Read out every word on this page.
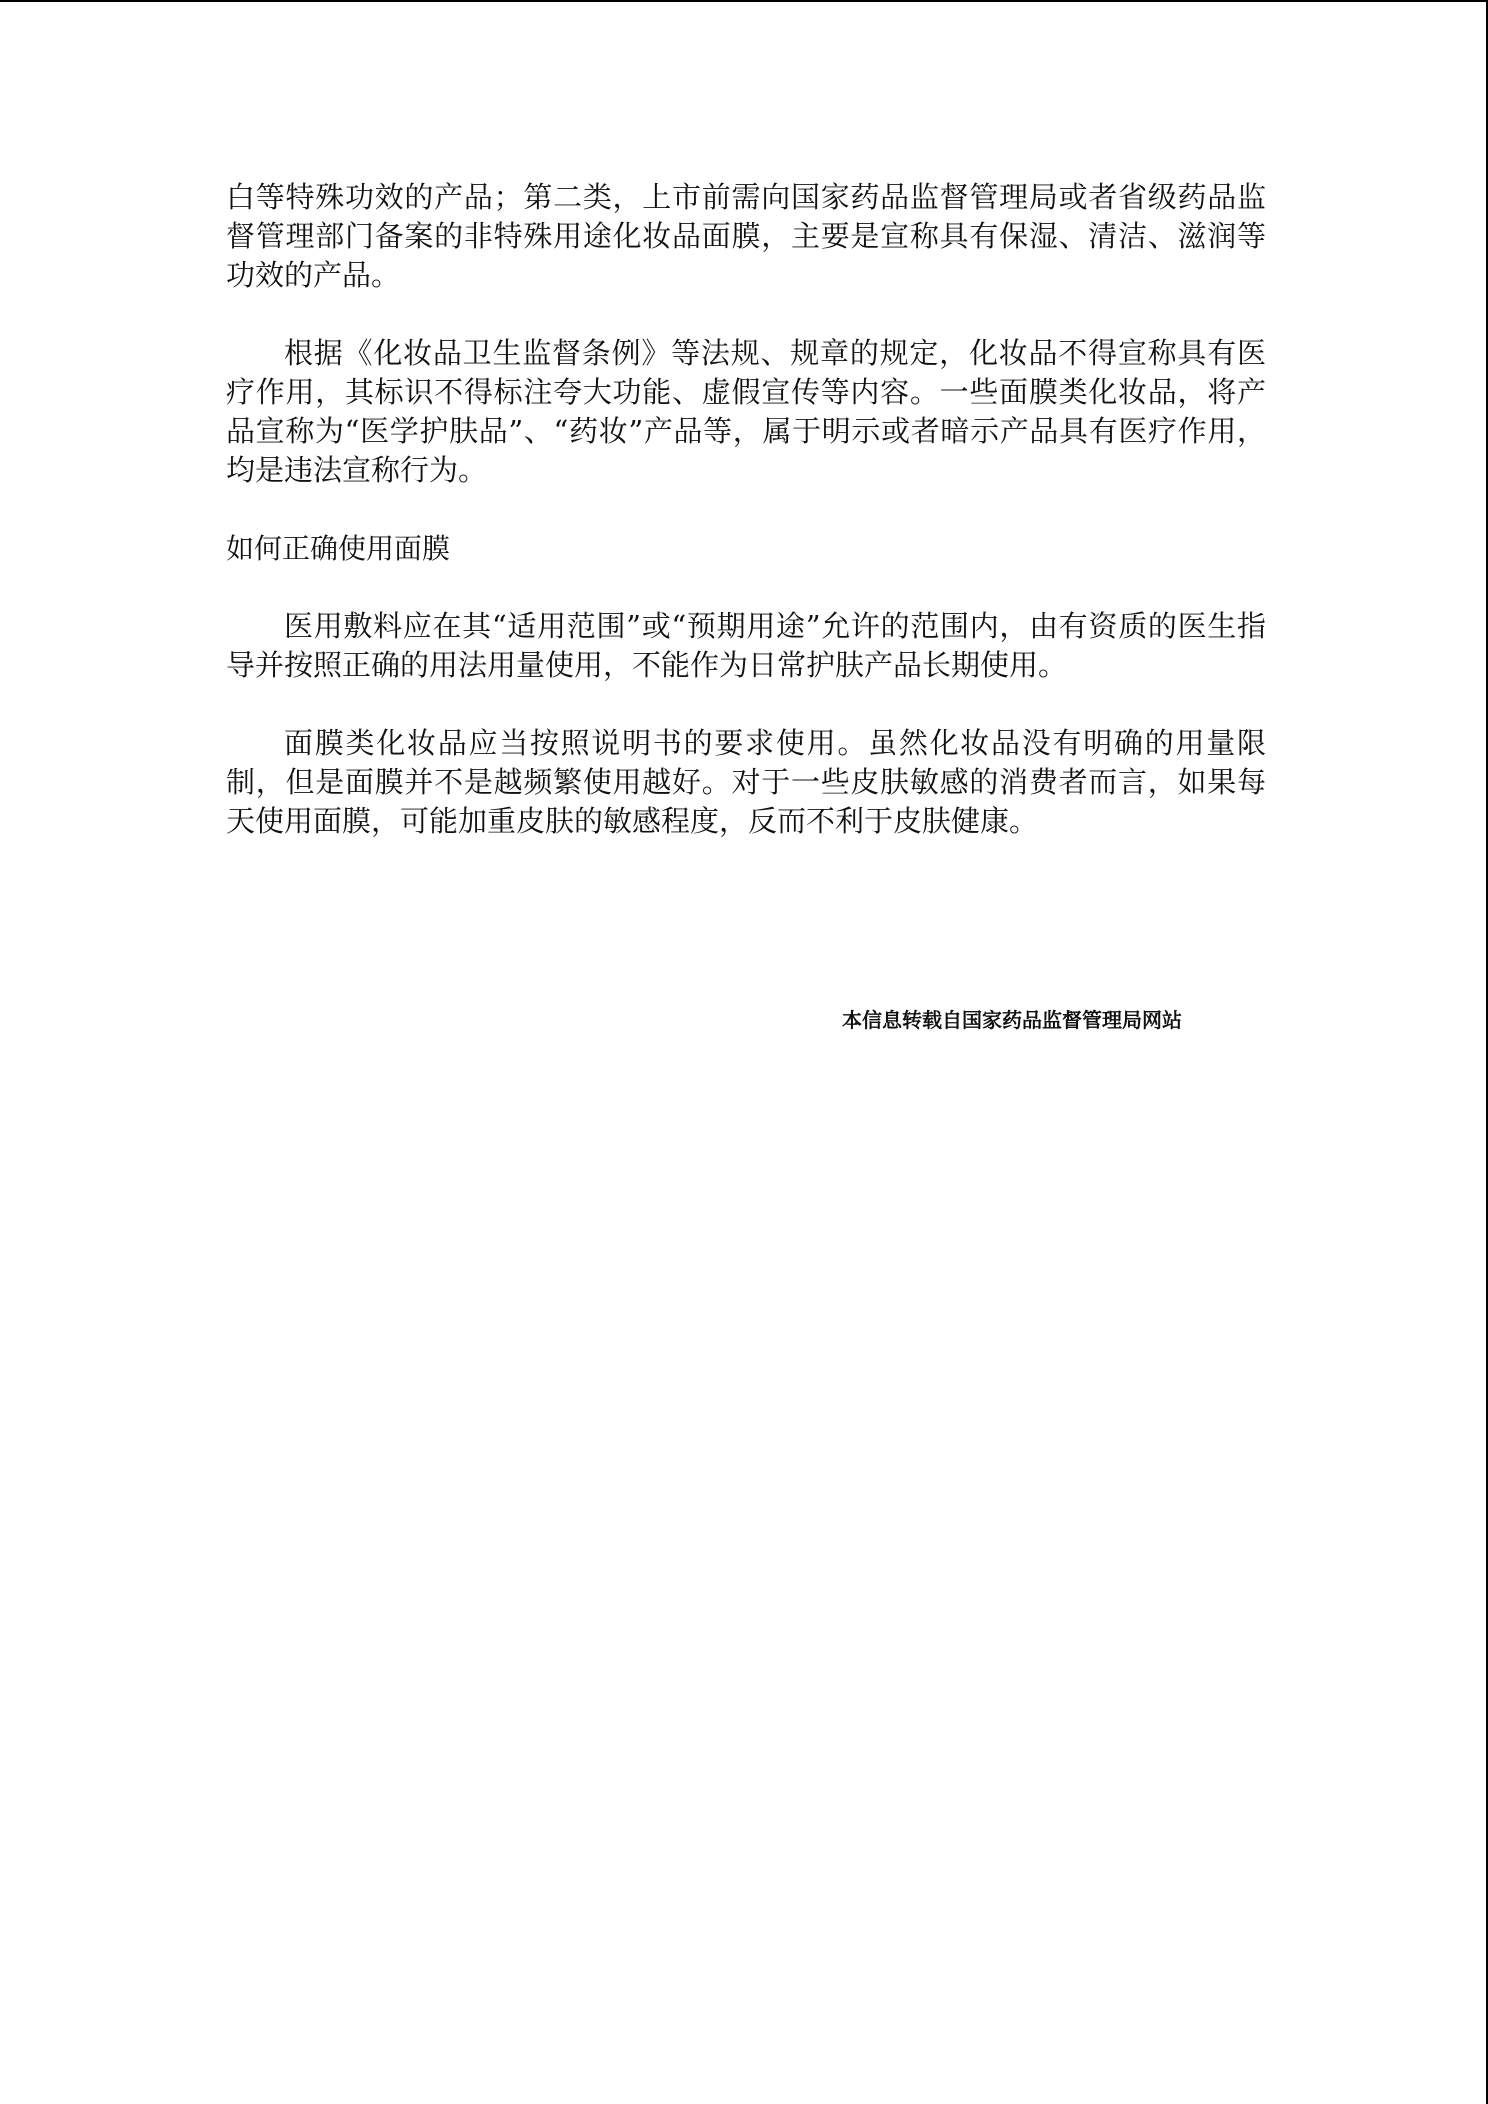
白等特殊功效的产品；第二类，上市前需向国家药品监督管理局或者省级药品监督管理部门备案的非特殊用途化妆品面膜，主要是宣称具有保湿、清洁、滋润等功效的产品。

根据《化妆品卫生监督条例》等法规、规章的规定，化妆品不得宣称具有医疗作用，其标识不得标注夸大功能、虚假宣传等内容。一些面膜类化妆品，将产品宣称为“医学护肤品”、“药妆”产品等，属于明示或者暗示产品具有医疗作用，均是违法宣称行为。

如何正确使用面膜

医用敷料应在其“适用范围”或“预期用途”允许的范围内，由有资质的医生指导并按照正确的用法用量使用，不能作为日常护肤产品长期使用。

面膜类化妆品应当按照说明书的要求使用。虽然化妆品没有明确的用量限制，但是面膜并不是越频繁使用越好。对于一些皮肤敏感的消费者而言，如果每天使用面膜，可能加重皮肤的敏感程度，反而不利于皮肤健康。

本信息转载自国家药品监督管理局网站
